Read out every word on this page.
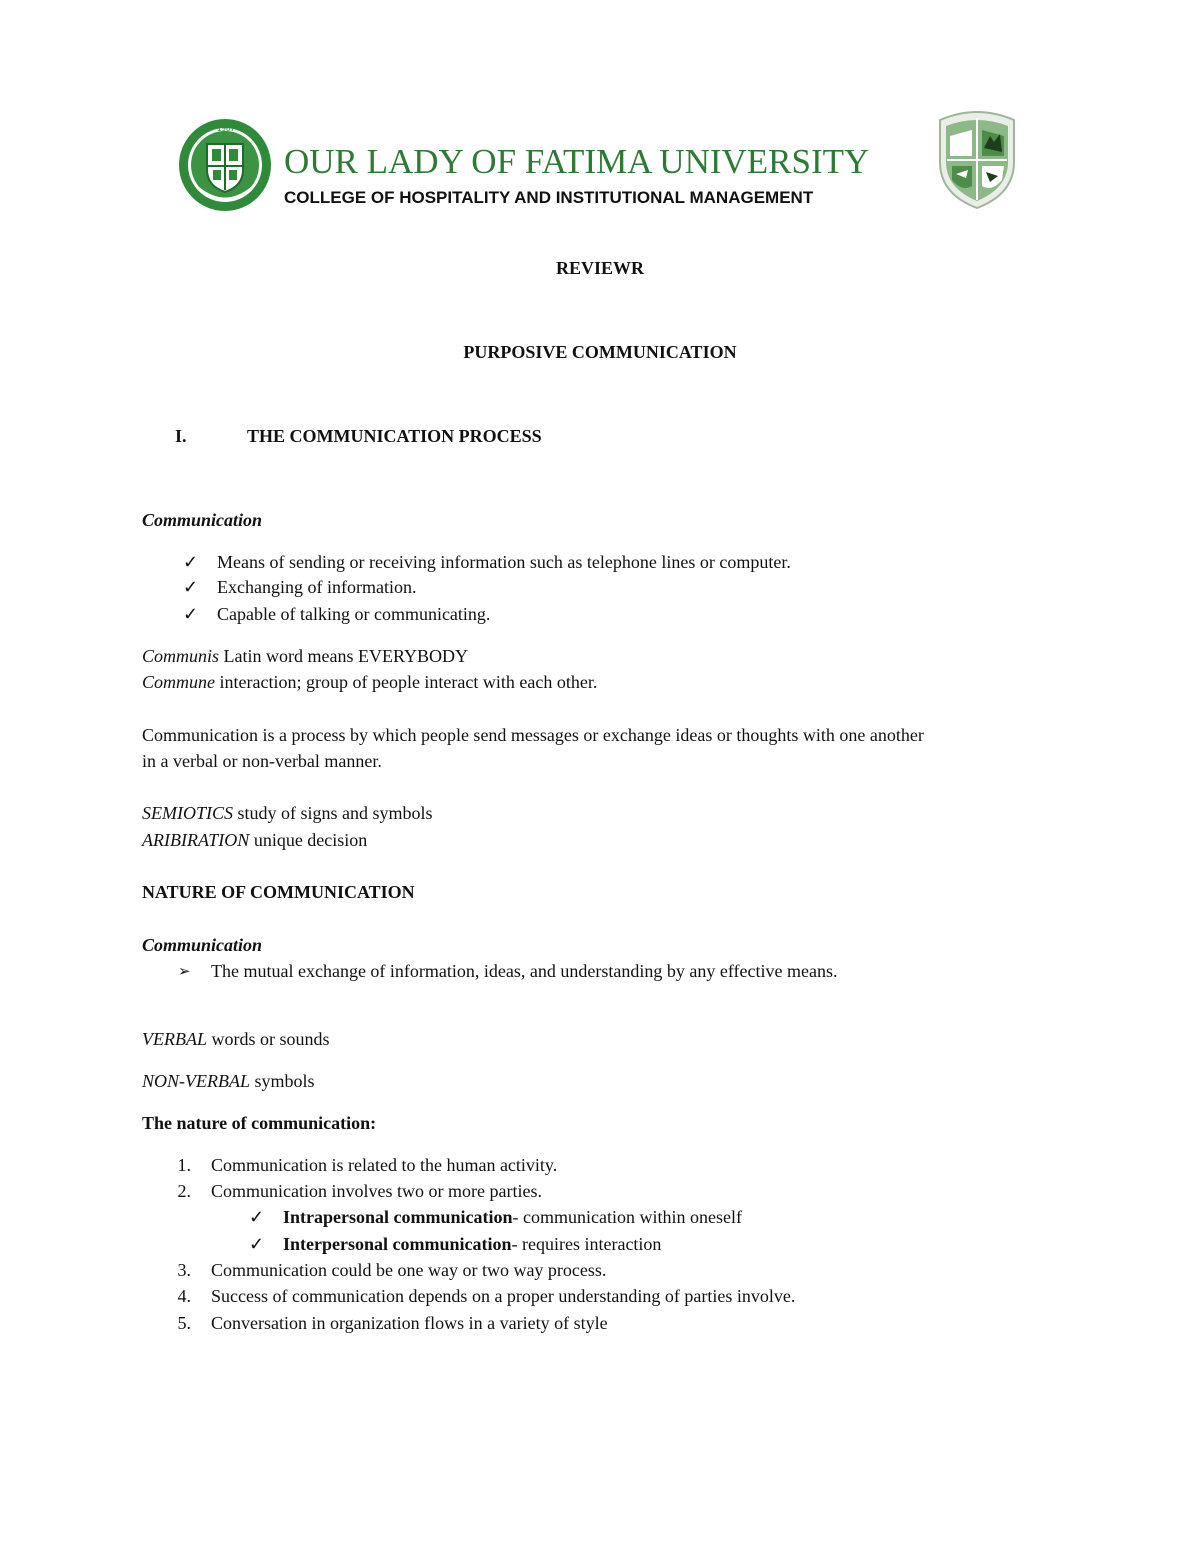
1967
OUR LADY OF FATIMA UNIVERSITY
COLLEGE OF HOSPITALITY AND INSTITUTIONAL MANAGEMENT
REVIEWR
PURPOSIVE COMMUNICATION
I.	THE COMMUNICATION PROCESS
Communication
✓ Means of sending or receiving information such as telephone lines or computer.
✓ Exchanging of information.
✓ Capable of talking or communicating.
Communis Latin word means EVERYBODY
Commune interaction; group of people interact with each other.
Communication is a process by which people send messages or exchange ideas or thoughts with one another
in a verbal or non-verbal manner.
SEMIOTICS study of signs and symbols
ARIBIRATION unique decision
NATURE OF COMMUNICATION
Communication
➢ The mutual exchange of information, ideas, and understanding by any effective means.
VERBAL words or sounds
NON-VERBAL symbols
The nature of communication:
1. Communication is related to the human activity.
2. Communication involves two or more parties.
✓ Intrapersonal communication- communication within oneself
✓ Interpersonal communication- requires interaction
3. Communication could be one way or two way process.
4. Success of communication depends on a proper understanding of parties involve.
5. Conversation in organization flows in a variety of style
